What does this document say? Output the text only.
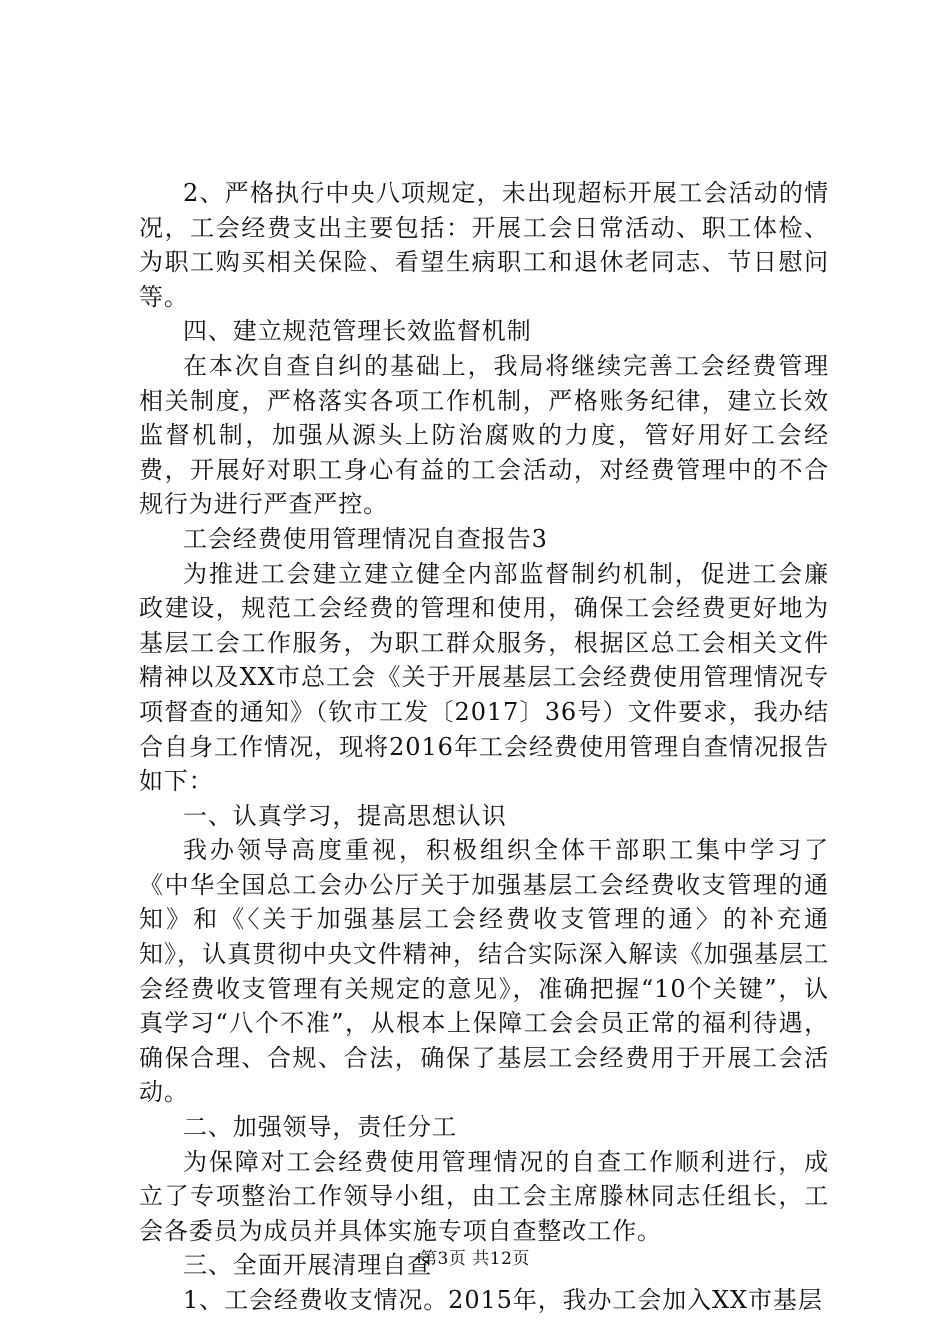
2、严格执行中央八项规定，未出现超标开展工会活动的情况，工会经费支出主要包括：开展工会日常活动、职工体检、为职工购买相关保险、看望生病职工和退休老同志、节日慰问等。

四、建立规范管理长效监督机制

在本次自查自纠的基础上，我局将继续完善工会经费管理相关制度，严格落实各项工作机制，严格账务纪律，建立长效监督机制，加强从源头上防治腐败的力度，管好用好工会经费，开展好对职工身心有益的工会活动，对经费管理中的不合规行为进行严查严控。

工会经费使用管理情况自查报告3

为推进工会建立建立健全内部监督制约机制，促进工会廉政建设，规范工会经费的管理和使用，确保工会经费更好地为基层工会工作服务，为职工群众服务，根据区总工会相关文件精神以及XX市总工会《关于开展基层工会经费使用管理情况专项督查的通知》（钦市工发〔2017〕36号）文件要求，我办结合自身工作情况，现将2016年工会经费使用管理自查情况报告如下：

一、认真学习，提高思想认识

我办领导高度重视，积极组织全体干部职工集中学习了《中华全国总工会办公厅关于加强基层工会经费收支管理的通知》和《〈关于加强基层工会经费收支管理的通〉的补充通知》，认真贯彻中央文件精神，结合实际深入解读《加强基层工会经费收支管理有关规定的意见》，准确把握“10个关键”，认真学习“八个不准”，从根本上保障工会会员正常的福利待遇，确保合理、合规、合法，确保了基层工会经费用于开展工会活动。

二、加强领导，责任分工

为保障对工会经费使用管理情况的自查工作顺利进行，成立了专项整治工作领导小组，由工会主席滕林同志任组长，工会各委员为成员并具体实施专项自查整改工作。

三、全面开展清理自查

1、工会经费收支情况。2015年，我办工会加入XX市基层

第3页 共12页
